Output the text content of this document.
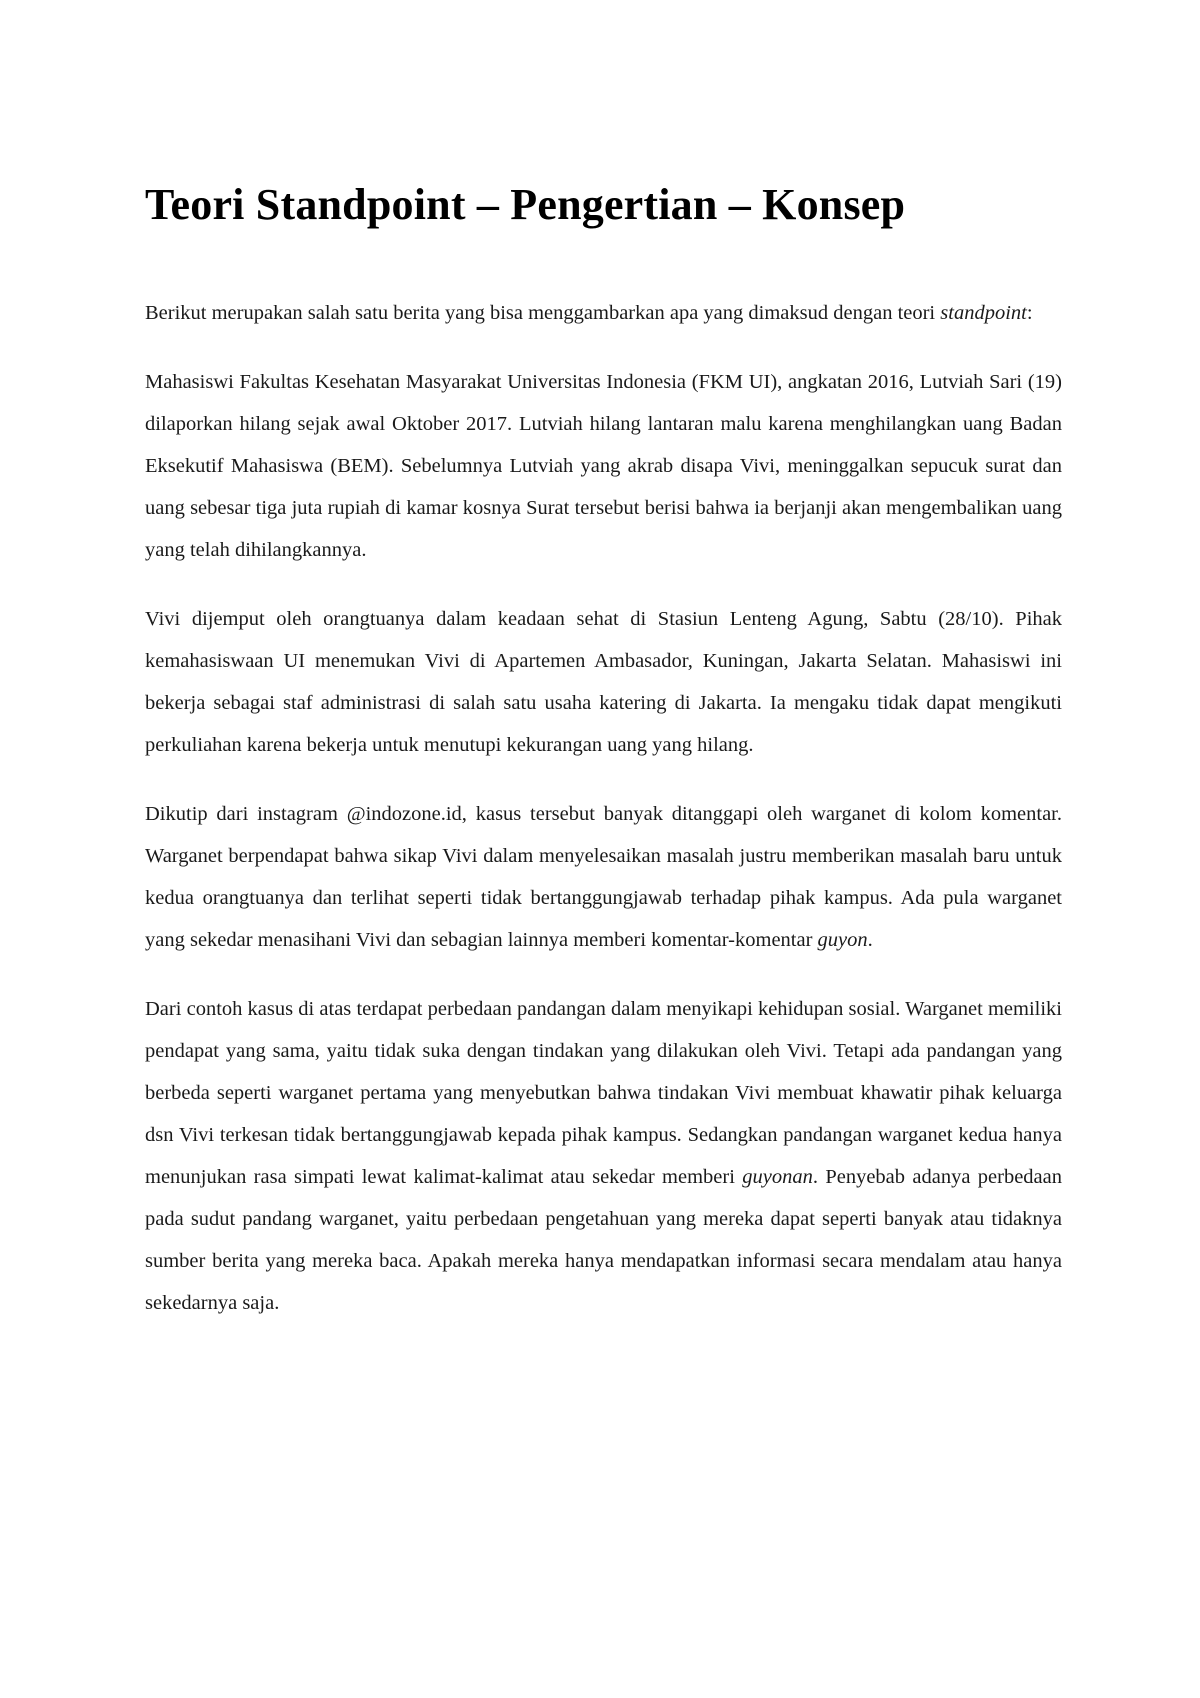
Teori Standpoint – Pengertian – Konsep

Berikut merupakan salah satu berita yang bisa menggambarkan apa yang dimaksud dengan teori standpoint:

Mahasiswi Fakultas Kesehatan Masyarakat Universitas Indonesia (FKM UI), angkatan 2016, Lutviah Sari (19) dilaporkan hilang sejak awal Oktober 2017. Lutviah hilang lantaran malu karena menghilangkan uang Badan Eksekutif Mahasiswa (BEM). Sebelumnya Lutviah yang akrab disapa Vivi, meninggalkan sepucuk surat dan uang sebesar tiga juta rupiah di kamar kosnya Surat tersebut berisi bahwa ia berjanji akan mengembalikan uang yang telah dihilangkannya.

Vivi dijemput oleh orangtuanya dalam keadaan sehat di Stasiun Lenteng Agung, Sabtu (28/10). Pihak kemahasiswaan UI menemukan Vivi di Apartemen Ambasador, Kuningan, Jakarta Selatan. Mahasiswi ini bekerja sebagai staf administrasi di salah satu usaha katering di Jakarta. Ia mengaku tidak dapat mengikuti perkuliahan karena bekerja untuk menutupi kekurangan uang yang hilang.

Dikutip dari instagram @indozone.id, kasus tersebut banyak ditanggapi oleh warganet di kolom komentar. Warganet berpendapat bahwa sikap Vivi dalam menyelesaikan masalah justru memberikan masalah baru untuk kedua orangtuanya dan terlihat seperti tidak bertanggungjawab terhadap pihak kampus. Ada pula warganet yang sekedar menasihani Vivi dan sebagian lainnya memberi komentar-komentar guyon.

Dari contoh kasus di atas terdapat perbedaan pandangan dalam menyikapi kehidupan sosial. Warganet memiliki pendapat yang sama, yaitu tidak suka dengan tindakan yang dilakukan oleh Vivi. Tetapi ada pandangan yang berbeda seperti warganet pertama yang menyebutkan bahwa tindakan Vivi membuat khawatir pihak keluarga dsn Vivi terkesan tidak bertanggungjawab kepada pihak kampus. Sedangkan pandangan warganet kedua hanya menunjukan rasa simpati lewat kalimat-kalimat atau sekedar memberi guyonan. Penyebab adanya perbedaan pada sudut pandang warganet, yaitu perbedaan pengetahuan yang mereka dapat seperti banyak atau tidaknya sumber berita yang mereka baca. Apakah mereka hanya mendapatkan informasi secara mendalam atau hanya sekedarnya saja.
